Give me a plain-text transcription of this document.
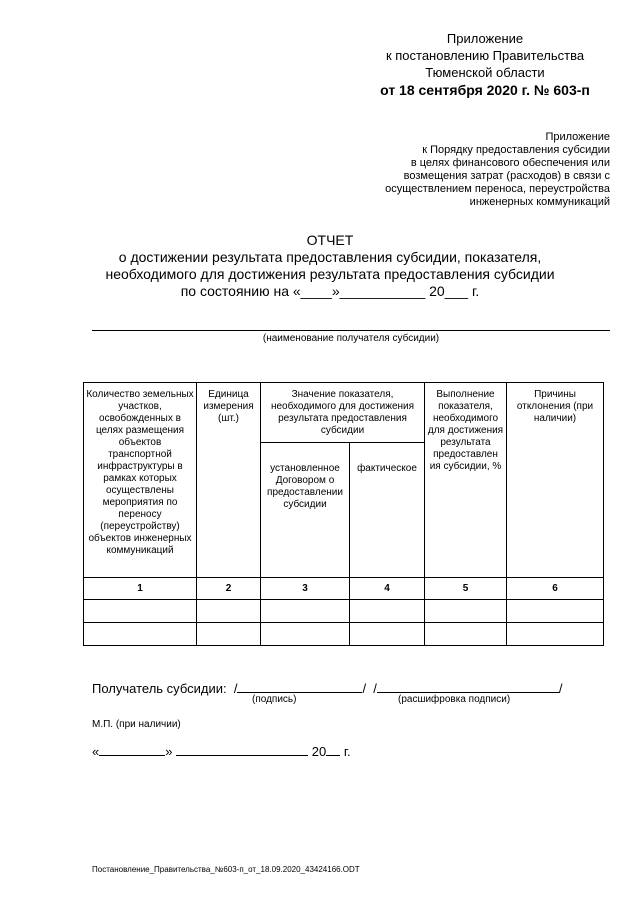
Приложение
к постановлению Правительства
Тюменской области
от 18 сентября 2020 г. № 603-п
Приложение
к Порядку предоставления субсидии
в целях финансового обеспечения или
возмещения затрат (расходов) в связи с
осуществлением переноса, переустройства
инженерных коммуникаций
ОТЧЕТ
о достижении результата предоставления субсидии, показателя,
необходимого для достижения результата предоставления субсидии
по состоянию на «____»___________ 20___ г.
(наименование получателя субсидии)
Количество земельных участков, освобожденных в целях размещения объектов транспортной инфраструктуры в рамках которых осуществлены мероприятия по переносу (переустройству) объектов инженерных коммуникаций	Единица измерения (шт.)	Значение показателя, необходимого для достижения результата предоставления субсидии		Выполнение показателя, необходимого для достижения результата предоставлен ия субсидии, %	Причины отклонения (при наличии)
		установленное Договором о предоставлении субсидии	фактическое		
1	2	3	4	5	6

Получатель субсидии:  /	/  /	/
(подпись)	(расшифровка подписи)
М.П. (при наличии)
«	»	20 г.
Постановление_Правительства_№603-п_от_18.09.2020_43424166.ODT
